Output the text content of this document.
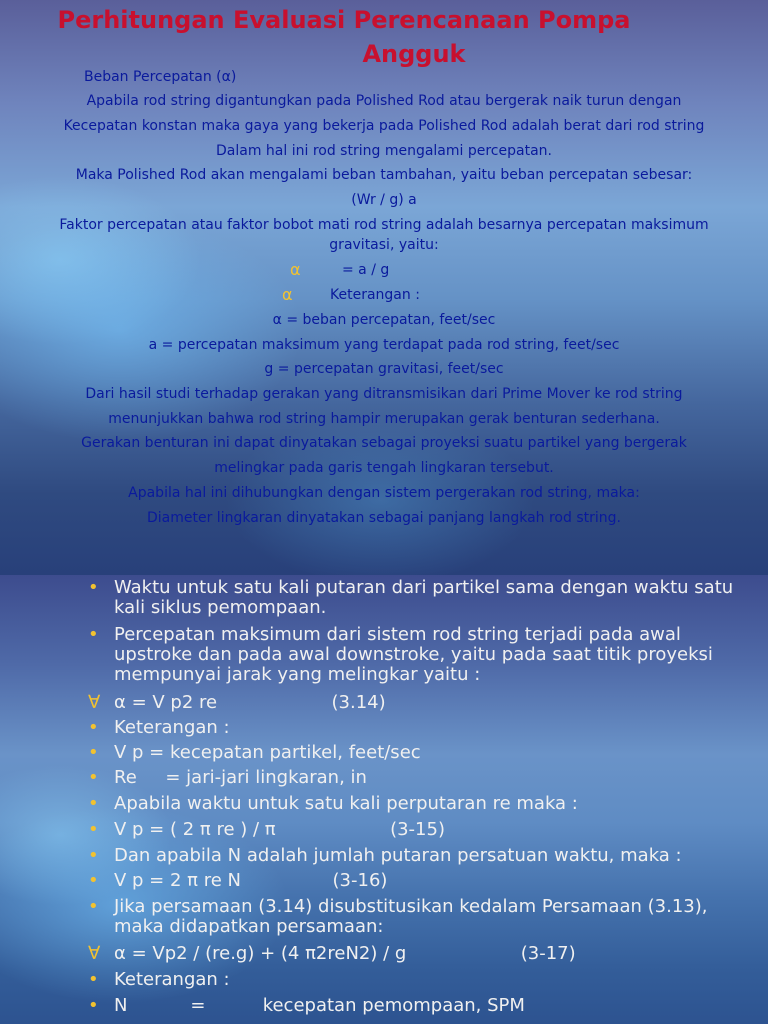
Perhitungan Evaluasi Perencanaan Pompa
Angguk
Beban Percepatan (α)
Apabila rod string digantungkan pada Polished Rod atau bergerak naik turun dengan
Kecepatan konstan maka gaya yang bekerja pada Polished Rod adalah berat dari rod string
Dalam hal ini rod string mengalami percepatan.
Maka Polished Rod akan mengalami beban tambahan, yaitu beban percepatan sebesar:
(Wr / g) a
Faktor percepatan atau faktor bobot mati rod string adalah besarnya percepatan maksimum
gravitasi, yaitu:
α	= a / g
α	Keterangan :
α = beban percepatan, feet/sec
a = percepatan maksimum yang terdapat pada rod string, feet/sec
g = percepatan gravitasi, feet/sec
Dari hasil studi terhadap gerakan yang ditransmisikan dari Prime Mover ke rod string
menunjukkan bahwa rod string hampir merupakan gerak benturan sederhana.
Gerakan benturan ini dapat dinyatakan sebagai proyeksi suatu partikel yang bergerak
melingkar pada garis tengah lingkaran tersebut.
Apabila hal ini dihubungkan dengan sistem pergerakan rod string, maka:
Diameter lingkaran dinyatakan sebagai panjang langkah rod string.
• Waktu untuk satu kali putaran dari partikel sama dengan waktu satu kali siklus pemompaan.
• Percepatan maksimum dari sistem rod string terjadi pada awal upstroke dan pada awal downstroke, yaitu pada saat titik proyeksi mempunyai jarak yang melingkar yaitu :
∀ α = V p2 re                    (3.14)
• Keterangan :
• V p = kecepatan partikel, feet/sec
• Re     = jari-jari lingkaran, in
• Apabila waktu untuk satu kali perputaran re maka :
• V p = ( 2 π re ) / π                    (3-15)
• Dan apabila N adalah jumlah putaran persatuan waktu, maka :
• V p = 2 π re N                (3-16)
• Jika persamaan (3.14) disubstitusikan kedalam Persamaan (3.13), maka didapatkan persamaan:
∀ α = Vp2 / (re.g) + (4 π2reN2) / g                    (3-17)
• Keterangan :
• N           =          kecepatan pemompaan, SPM
